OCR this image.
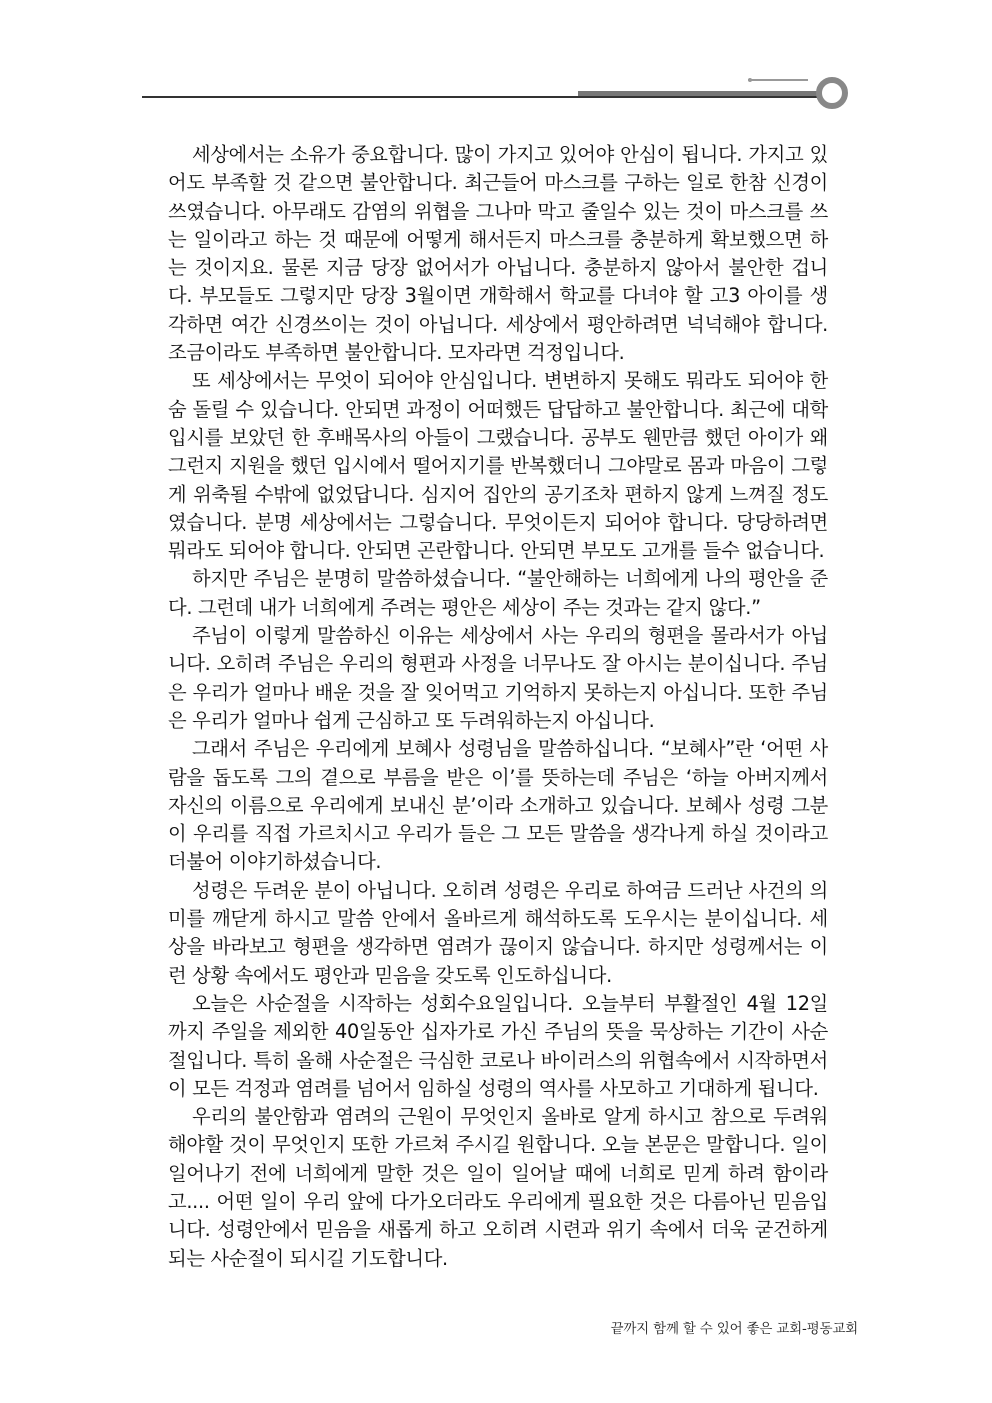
세상에서는 소유가 중요합니다. 많이 가지고 있어야 안심이 됩니다. 가지고 있어도 부족할 것 같으면 불안합니다. 최근들어 마스크를 구하는 일로 한참 신경이 쓰였습니다. 아무래도 감염의 위협을 그나마 막고 줄일수 있는 것이 마스크를 쓰는 일이라고 하는 것 때문에 어떻게 해서든지 마스크를 충분하게 확보했으면 하는 것이지요. 물론 지금 당장 없어서가 아닙니다. 충분하지 않아서 불안한 겁니다. 부모들도 그렇지만 당장 3월이면 개학해서 학교를 다녀야 할 고3 아이를 생각하면 여간 신경쓰이는 것이 아닙니다. 세상에서 평안하려면 넉넉해야 합니다. 조금이라도 부족하면 불안합니다. 모자라면 걱정입니다.

또 세상에서는 무엇이 되어야 안심입니다. 변변하지 못해도 뭐라도 되어야 한숨 돌릴 수 있습니다. 안되면 과정이 어떠했든 답답하고 불안합니다. 최근에 대학 입시를 보았던 한 후배목사의 아들이 그랬습니다. 공부도 웬만큼 했던 아이가 왜 그런지 지원을 했던 입시에서 떨어지기를 반복했더니 그야말로 몸과 마음이 그렇게 위축될 수밖에 없었답니다. 심지어 집안의 공기조차 편하지 않게 느껴질 정도였습니다. 분명 세상에서는 그렇습니다. 무엇이든지 되어야 합니다. 당당하려면 뭐라도 되어야 합니다. 안되면 곤란합니다. 안되면 부모도 고개를 들수 없습니다.

하지만 주님은 분명히 말씀하셨습니다. “불안해하는 너희에게 나의 평안을 준다. 그런데 내가 너희에게 주려는 평안은 세상이 주는 것과는 같지 않다.”

주님이 이렇게 말씀하신 이유는 세상에서 사는 우리의 형편을 몰라서가 아닙니다. 오히려 주님은 우리의 형편과 사정을 너무나도 잘 아시는 분이십니다. 주님은 우리가 얼마나 배운 것을 잘 잊어먹고 기억하지 못하는지 아십니다. 또한 주님은 우리가 얼마나 쉽게 근심하고 또 두려워하는지 아십니다.

그래서 주님은 우리에게 보혜사 성령님을 말씀하십니다. “보혜사”란 ‘어떤 사람을 돕도록 그의 곁으로 부름을 받은 이’를 뜻하는데 주님은 ‘하늘 아버지께서 자신의 이름으로 우리에게 보내신 분’이라 소개하고 있습니다. 보혜사 성령 그분이 우리를 직접 가르치시고 우리가 들은 그 모든 말씀을 생각나게 하실 것이라고 더불어 이야기하셨습니다.

성령은 두려운 분이 아닙니다. 오히려 성령은 우리로 하여금 드러난 사건의 의미를 깨닫게 하시고 말씀 안에서 올바르게 해석하도록 도우시는 분이십니다. 세상을 바라보고 형편을 생각하면 염려가 끊이지 않습니다. 하지만 성령께서는 이런 상황 속에서도 평안과 믿음을 갖도록 인도하십니다.

오늘은 사순절을 시작하는 성회수요일입니다. 오늘부터 부활절인 4월 12일 까지 주일을 제외한 40일동안 십자가로 가신 주님의 뜻을 묵상하는 기간이 사순절입니다. 특히 올해 사순절은 극심한 코로나 바이러스의 위협속에서 시작하면서 이 모든 걱정과 염려를 넘어서 임하실 성령의 역사를 사모하고 기대하게 됩니다.

우리의 불안함과 염려의 근원이 무엇인지 올바로 알게 하시고 참으로 두려워해야할 것이 무엇인지 또한 가르쳐 주시길 원합니다. 오늘 본문은 말합니다. 일이 일어나기 전에 너희에게 말한 것은 일이 일어날 때에 너희로 믿게 하려 함이라고.... 어떤 일이 우리 앞에 다가오더라도 우리에게 필요한 것은 다름아닌 믿음입니다. 성령안에서 믿음을 새롭게 하고 오히려 시련과 위기 속에서 더욱 굳건하게 되는 사순절이 되시길 기도합니다.

끝까지 함께 할 수 있어 좋은 교회-평동교회
